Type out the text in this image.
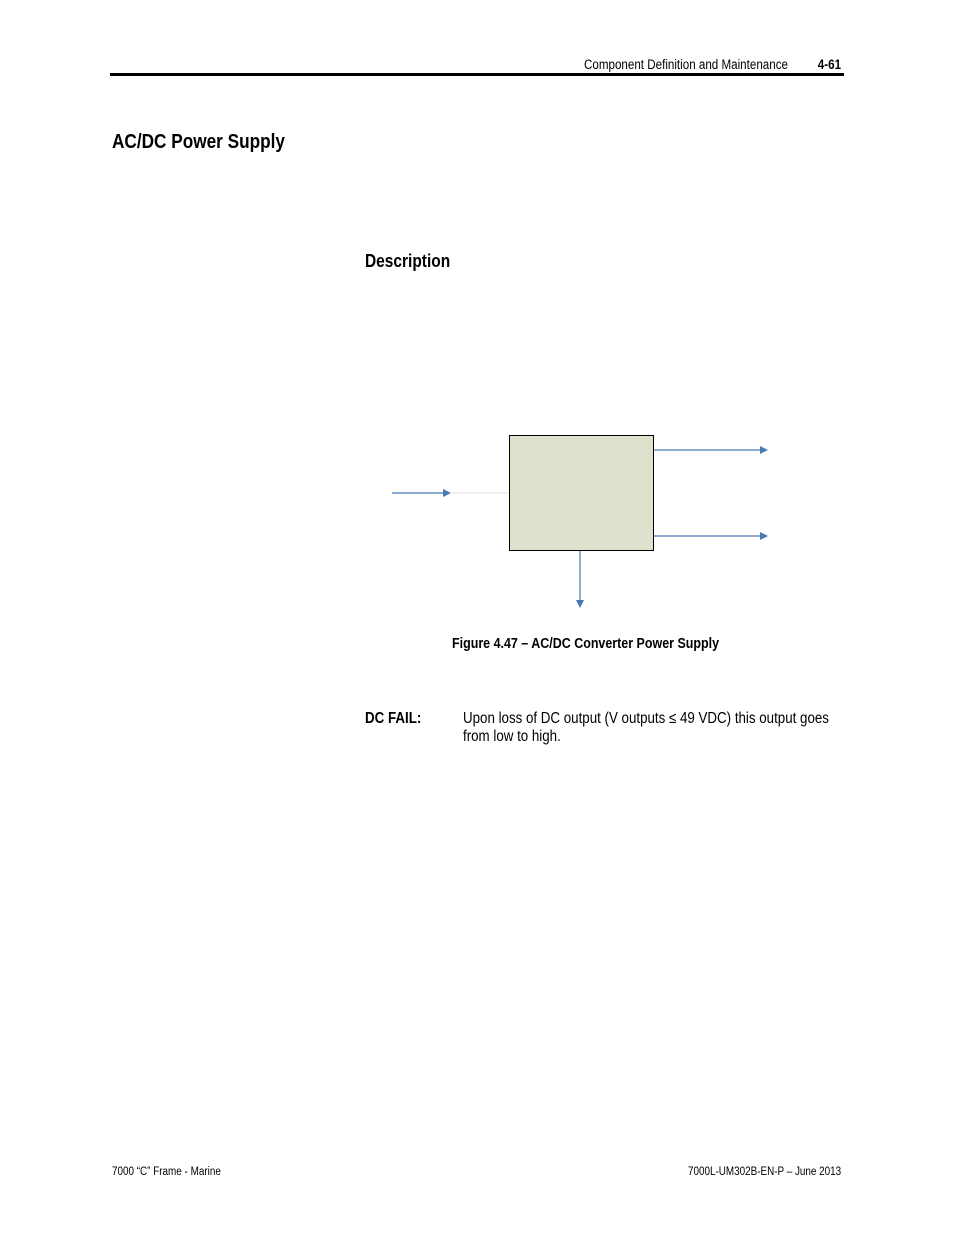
Component Definition and Maintenance 4-61
AC/DC Power Supply
Description
Figure 4.47 – AC/DC Converter Power Supply
DC FAIL:	Upon loss of DC output (V outputs ≤ 49 VDC) this output goes
from low to high.
7000 “C” Frame - Marine	7000L-UM302B-EN-P – June 2013
